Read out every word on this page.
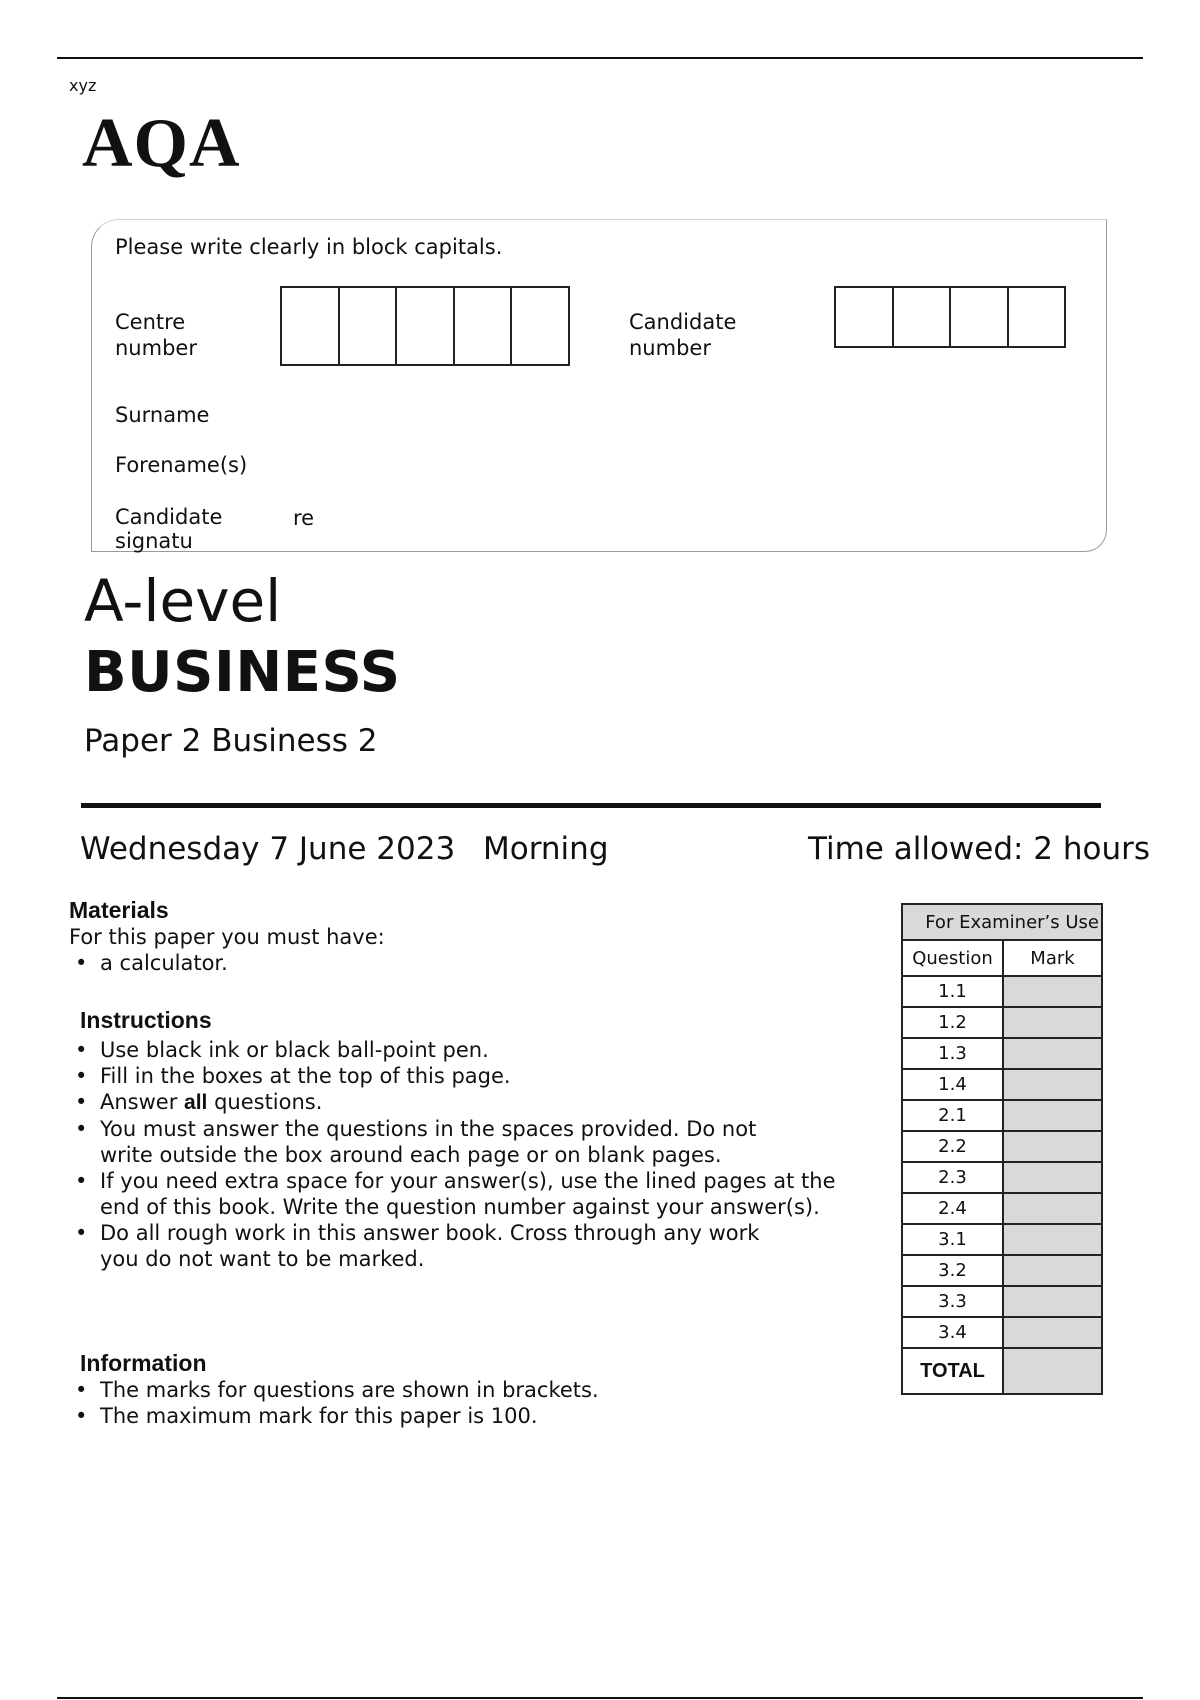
xyz
AQA
Please write clearly in block capitals.
Centre number
Candidate number
Surname
Forename(s)
Candidate signatu
re
A-level
BUSINESS
Paper 2 Business 2
Wednesday 7 June 2023 Morning	Time allowed: 2 hours
Materials
For this paper you must have:
• a calculator.
Instructions
• Use black ink or black ball-point pen.
• Fill in the boxes at the top of this page.
• Answer all questions.
• You must answer the questions in the spaces provided. Do not write outside the box around each page or on blank pages.
• If you need extra space for your answer(s), use the lined pages at the end of this book. Write the question number against your answer(s).
• Do all rough work in this answer book. Cross through any work you do not want to be marked.
Information
• The marks for questions are shown in brackets.
• The maximum mark for this paper is 100.
For Examiner’s Use	
Question	Mark
1.1	
1.2	
1.3	
1.4	
2.1	
2.2	
2.3	
2.4	
3.1	
3.2	
3.3	
3.4	
TOTAL	
